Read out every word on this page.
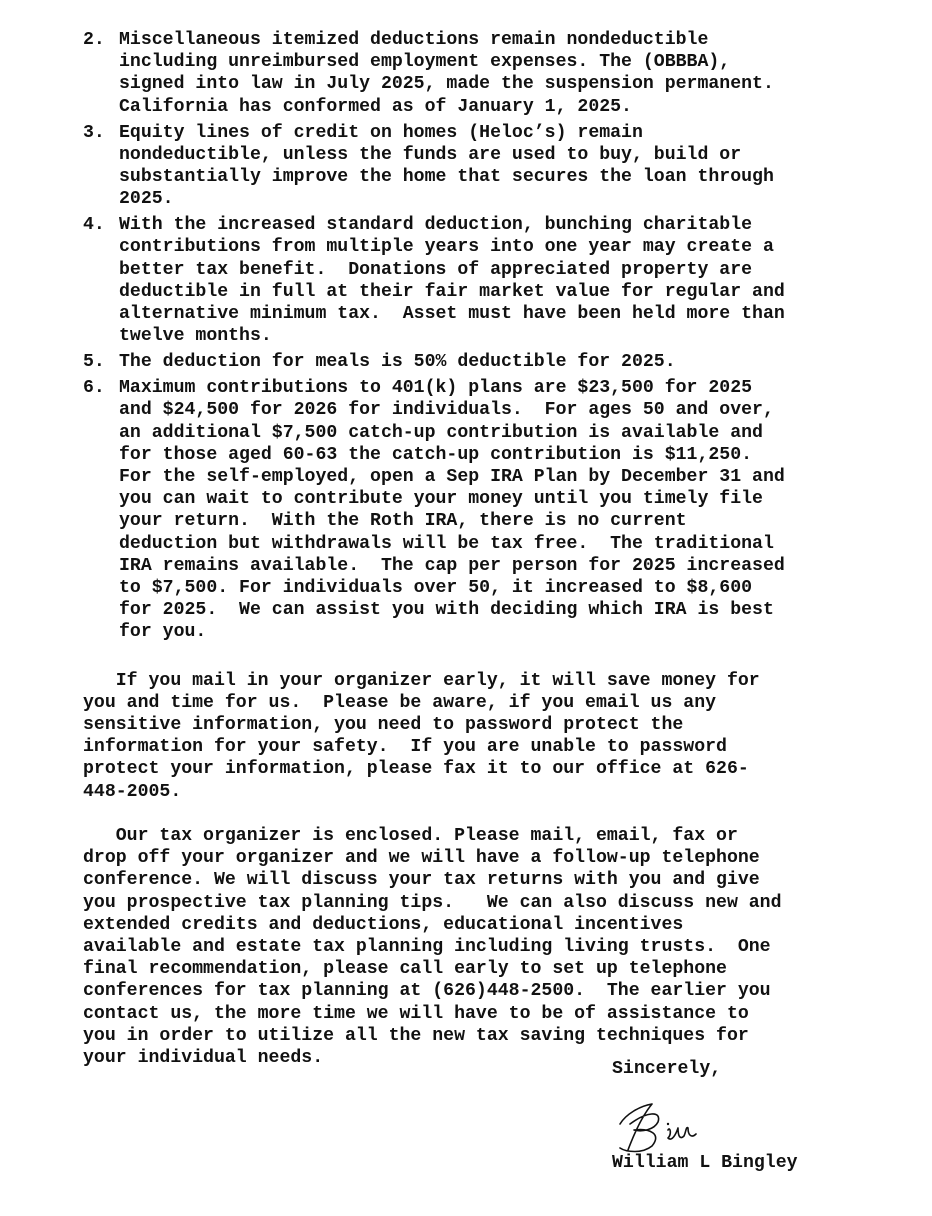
2. Miscellaneous itemized deductions remain nondeductible
including unreimbursed employment expenses. The (OBBBA),
signed into law in July 2025, made the suspension permanent.
California has conformed as of January 1, 2025.
3. Equity lines of credit on homes (Heloc’s) remain
nondeductible, unless the funds are used to buy, build or
substantially improve the home that secures the loan through
2025.
4. With the increased standard deduction, bunching charitable
contributions from multiple years into one year may create a
better tax benefit.  Donations of appreciated property are
deductible in full at their fair market value for regular and
alternative minimum tax.  Asset must have been held more than
twelve months.
5. The deduction for meals is 50% deductible for 2025.
6. Maximum contributions to 401(k) plans are $23,500 for 2025
and $24,500 for 2026 for individuals.  For ages 50 and over,
an additional $7,500 catch-up contribution is available and
for those aged 60-63 the catch-up contribution is $11,250.
For the self-employed, open a Sep IRA Plan by December 31 and
you can wait to contribute your money until you timely file
your return.  With the Roth IRA, there is no current
deduction but withdrawals will be tax free.  The traditional
IRA remains available.  The cap per person for 2025 increased
to $7,500. For individuals over 50, it increased to $8,600
for 2025.  We can assist you with deciding which IRA is best
for you.

If you mail in your organizer early, it will save money for
you and time for us.  Please be aware, if you email us any
sensitive information, you need to password protect the
information for your safety.  If you are unable to password
protect your information, please fax it to our office at 626-
448-2005.

Our tax organizer is enclosed. Please mail, email, fax or
drop off your organizer and we will have a follow-up telephone
conference. We will discuss your tax returns with you and give
you prospective tax planning tips.   We can also discuss new and
extended credits and deductions, educational incentives
available and estate tax planning including living trusts.  One
final recommendation, please call early to set up telephone
conferences for tax planning at (626)448-2500.  The earlier you
contact us, the more time we will have to be of assistance to
you in order to utilize all the new tax saving techniques for
your individual needs.

Sincerely,
William L Bingley
